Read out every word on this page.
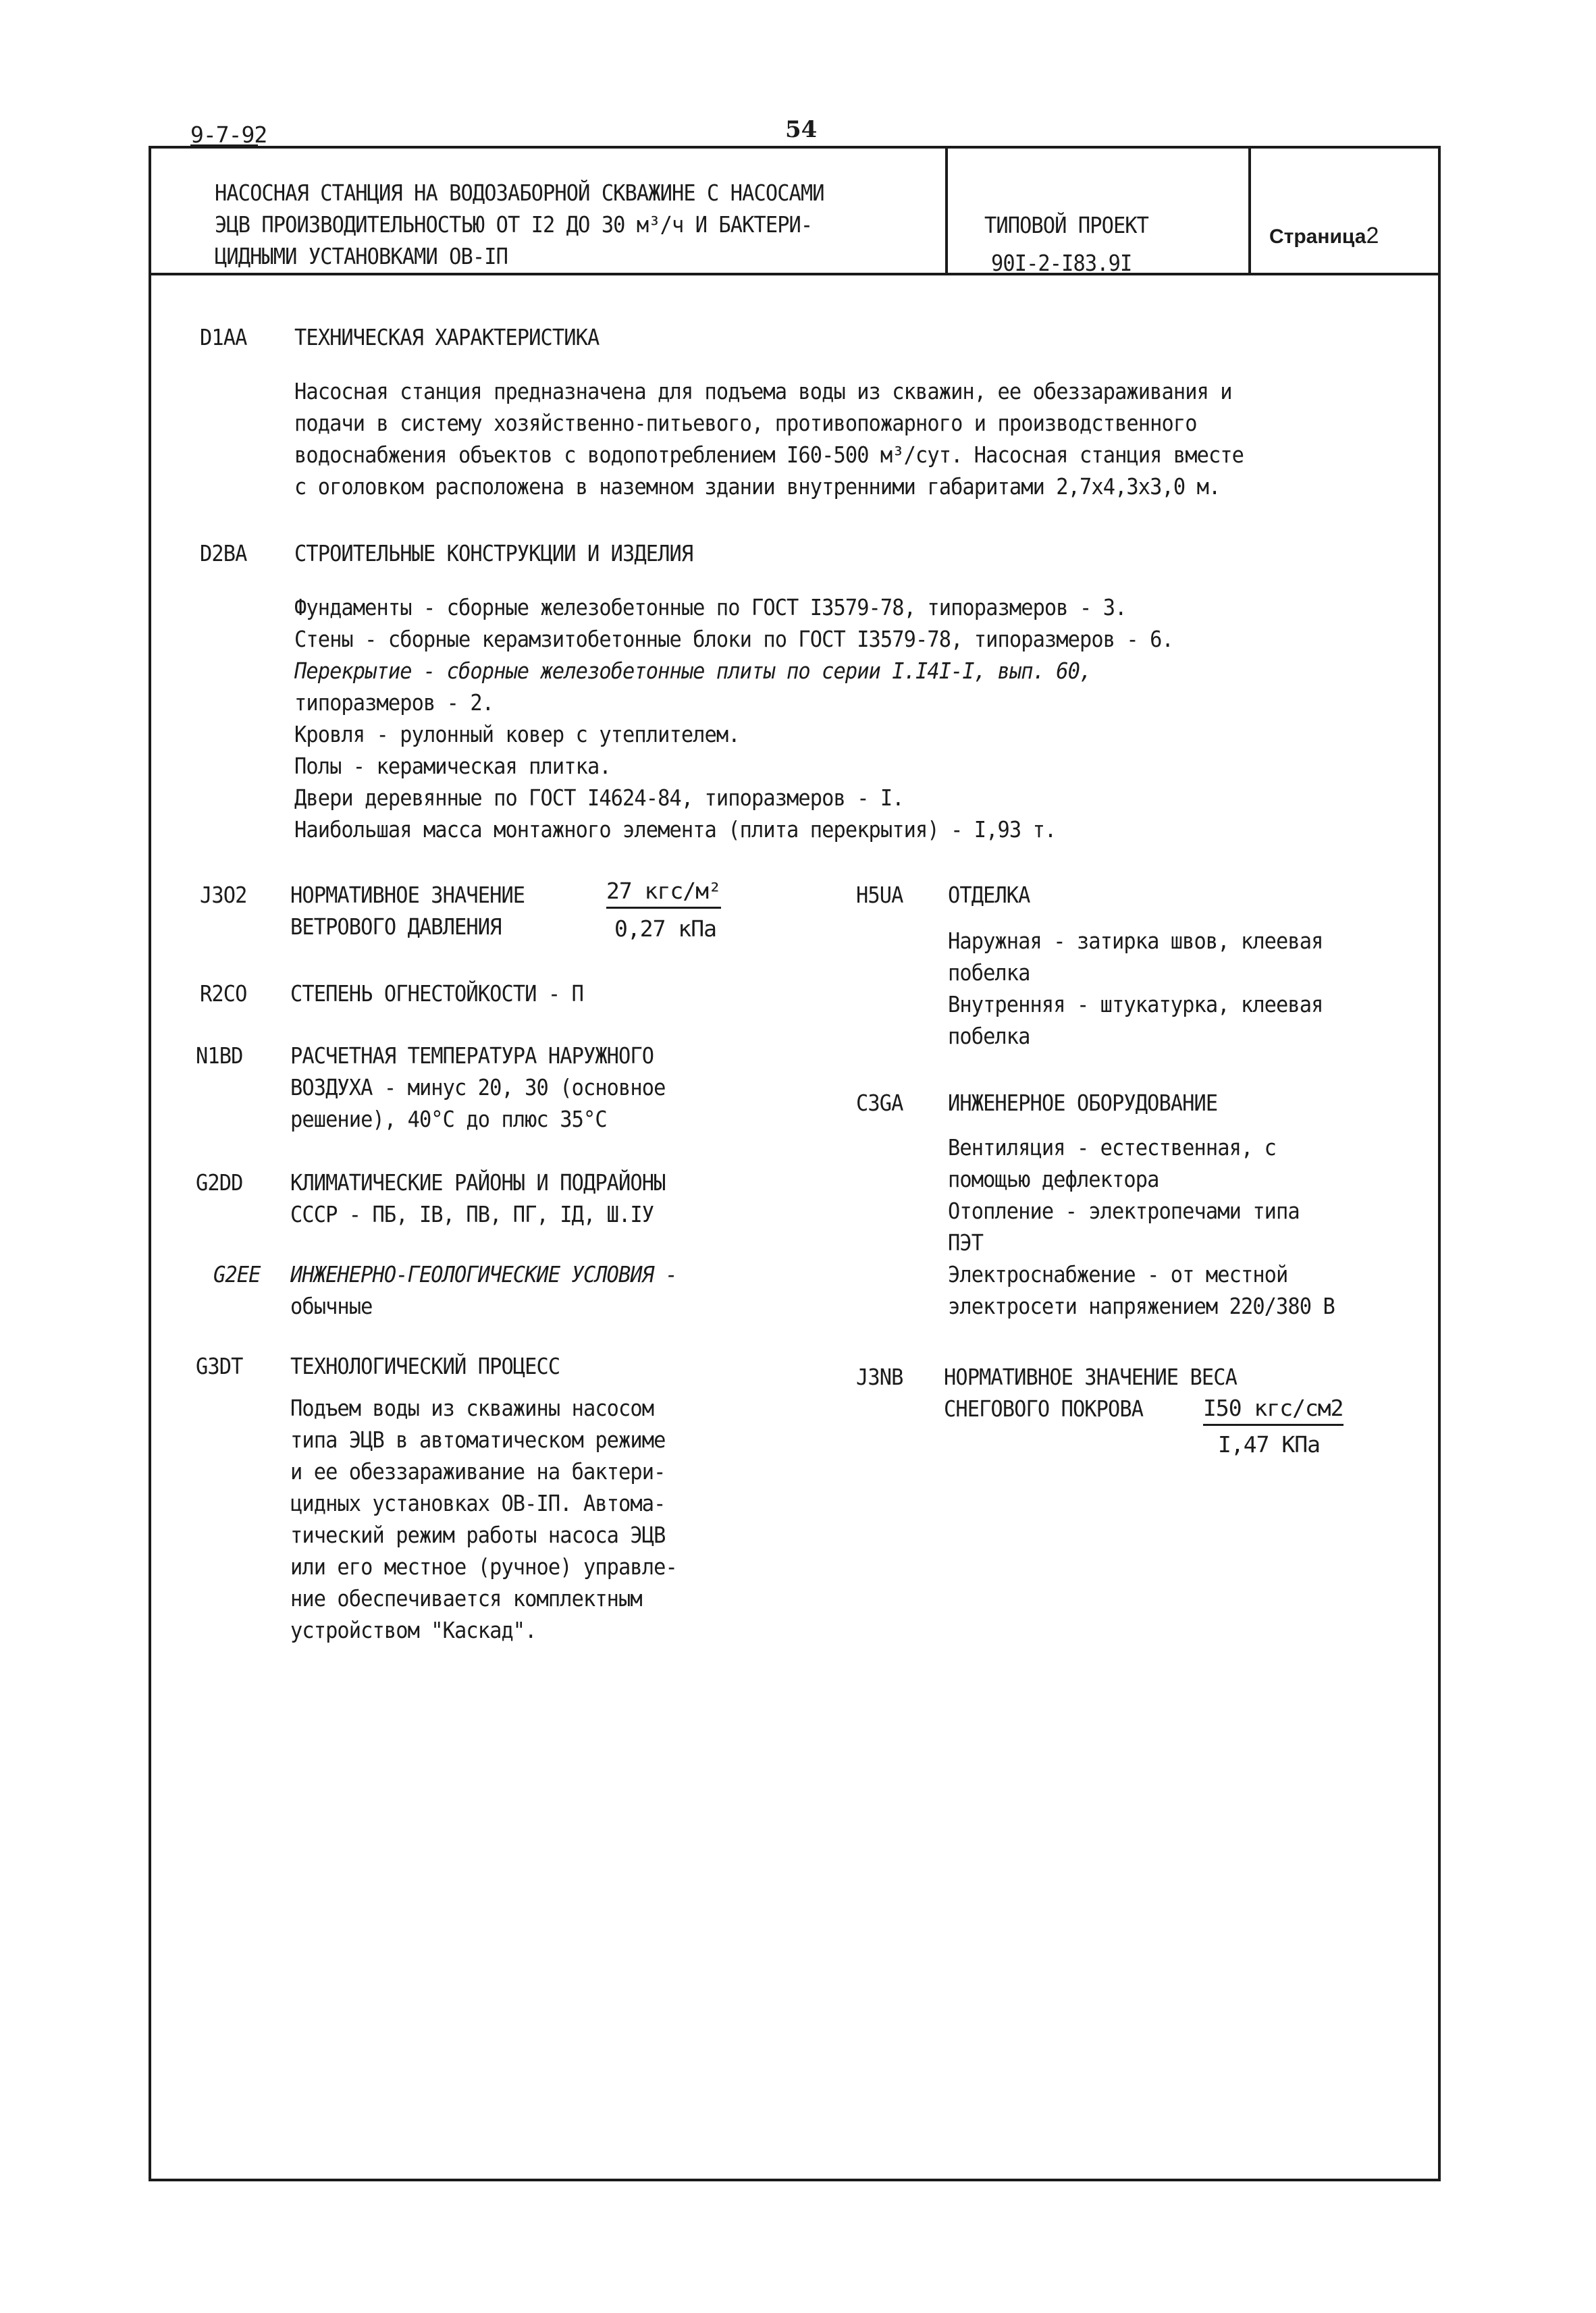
9-7-92	54
НАСОСНАЯ СТАНЦИЯ НА ВОДОЗАБОРНОЙ СКВАЖИНЕ С НАСОСАМИ
ЭЦВ ПРОИЗВОДИТЕЛЬНОСТЬЮ ОТ I2 ДО 30 м³/ч И БАКТЕРИ-
ЦИДНЫМИ УСТАНОВКАМИ ОВ-IП
ТИПОВОЙ ПРОЕКТ
90I-2-I83.9I
Страница2
D1AA ТЕХНИЧЕСКАЯ ХАРАКТЕРИСТИКА
Насосная станция предназначена для подъема воды из скважин, ее обеззараживания и
подачи в систему хозяйственно-питьевого, противопожарного и производственного
водоснабжения объектов с водопотреблением I60-500 м³/сут. Насосная станция вместе
с оголовком расположена в наземном здании внутренними габаритами 2,7х4,3х3,0 м.
D2BA СТРОИТЕЛЬНЫЕ КОНСТРУКЦИИ И ИЗДЕЛИЯ
Фундаменты - сборные железобетонные по ГОСТ I3579-78, типоразмеров - 3.
Стены - сборные керамзитобетонные блоки по ГОСТ I3579-78, типоразмеров - 6.
Перекрытие - сборные железобетонные плиты по серии I.I4I-I, вып. 60,
типоразмеров - 2.
Кровля - рулонный ковер с утеплителем.
Полы - керамическая плитка.
Двери деревянные по ГОСТ I4624-84, типоразмеров - I.
Наибольшая масса монтажного элемента (плита перекрытия) - I,93 т.
J3O2 НОРМАТИВНОЕ ЗНАЧЕНИЕ
ВЕТРОВОГО ДАВЛЕНИЯ
27 кгс/м²
0,27 кПа
R2CO СТЕПЕНЬ ОГНЕСТОЙКОСТИ - П
N1BD РАСЧЕТНАЯ ТЕМПЕРАТУРА НАРУЖНОГО
ВОЗДУХА - минус 20, 30 (основное
решение), 40°С до плюс 35°С
G2DD КЛИМАТИЧЕСКИЕ РАЙОНЫ И ПОДРАЙОНЫ
СССР - ПБ, IВ, ПВ, ПГ, IД, Ш.IУ
G2EE ИНЖЕНЕРНО-ГЕОЛОГИЧЕСКИЕ УСЛОВИЯ -
обычные
G3DT ТЕХНОЛОГИЧЕСКИЙ ПРОЦЕСС
Подъем воды из скважины насосом
типа ЭЦВ в автоматическом режиме
и ее обеззараживание на бактери-
цидных установках ОВ-IП. Автома-
тический режим работы насоса ЭЦВ
или его местное (ручное) управле-
ние обеспечивается комплектным
устройством "Каскад".
H5UA ОТДЕЛКА
Наружная - затирка швов, клеевая
побелка
Внутренняя - штукатурка, клеевая
побелка
C3GA ИНЖЕНЕРНОЕ ОБОРУДОВАНИЕ
Вентиляция - естественная, с
помощью дефлектора
Отопление - электропечами типа
ПЭТ
Электроснабжение - от местной
электросети напряжением 220/380 В
J3NB НОРМАТИВНОЕ ЗНАЧЕНИЕ ВЕСА
СНЕГОВОГО ПОКРОВА	I50 кгс/см2
I,47 КПа
